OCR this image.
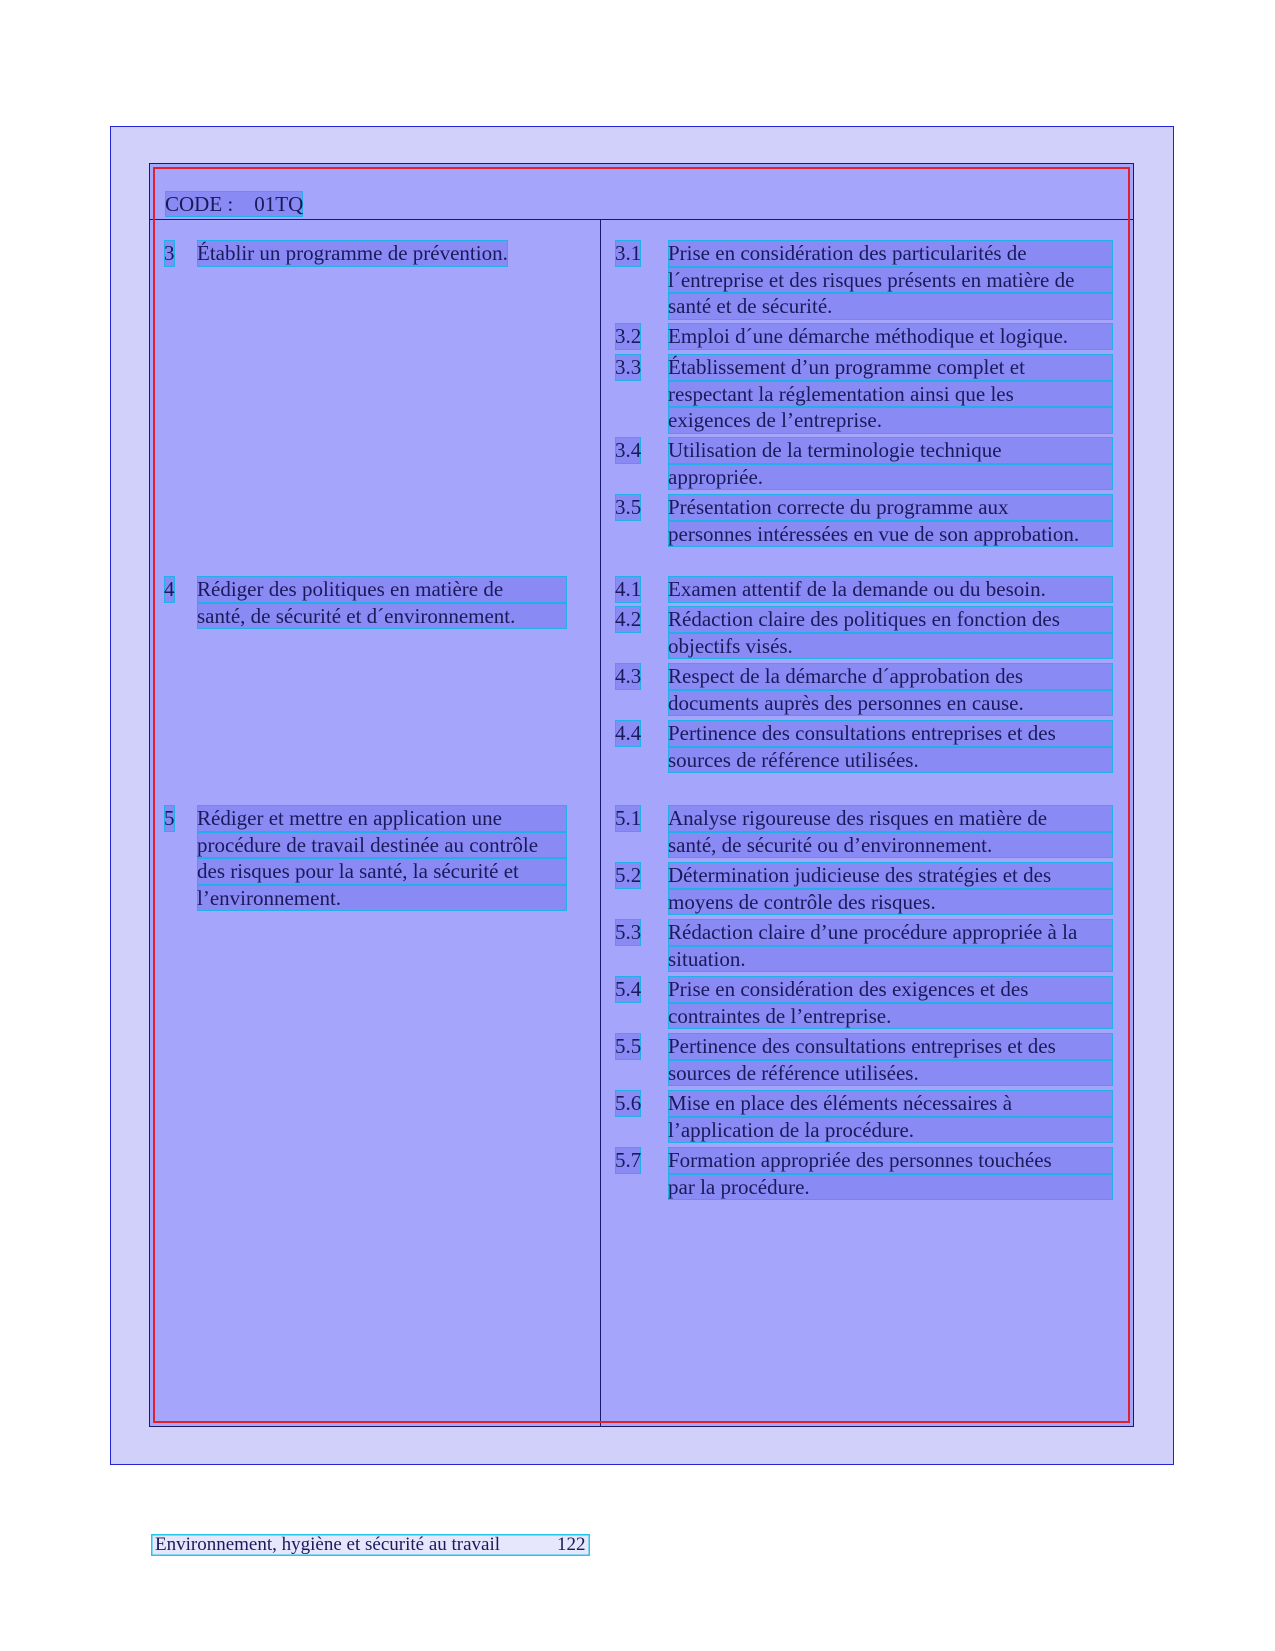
CODE : 01TQ
3 Établir un programme de prévention.
4 Rédiger des politiques en matière de
santé, de sécurité et d´environnement.
5 Rédiger et mettre en application une
procédure de travail destinée au contrôle
des risques pour la santé, la sécurité et
l’environnement.
3.1 Prise en considération des particularités de
l´entreprise et des risques présents en matière de
santé et de sécurité.
3.2 Emploi d´une démarche méthodique et logique.
3.3 Établissement d’un programme complet et
respectant la réglementation ainsi que les
exigences de l’entreprise.
3.4 Utilisation de la terminologie technique
appropriée.
3.5 Présentation correcte du programme aux
personnes intéressées en vue de son approbation.
4.1 Examen attentif de la demande ou du besoin.
4.2 Rédaction claire des politiques en fonction des
objectifs visés.
4.3 Respect de la démarche d´approbation des
documents auprès des personnes en cause.
4.4 Pertinence des consultations entreprises et des
sources de référence utilisées.
5.1 Analyse rigoureuse des risques en matière de
santé, de sécurité ou d’environnement.
5.2 Détermination judicieuse des stratégies et des
moyens de contrôle des risques.
5.3 Rédaction claire d’une procédure appropriée à la
situation.
5.4 Prise en considération des exigences et des
contraintes de l’entreprise.
5.5 Pertinence des consultations entreprises et des
sources de référence utilisées.
5.6 Mise en place des éléments nécessaires à
l’application de la procédure.
5.7 Formation appropriée des personnes touchées
par la procédure.
Environnement, hygiène et sécurité au travail	122
